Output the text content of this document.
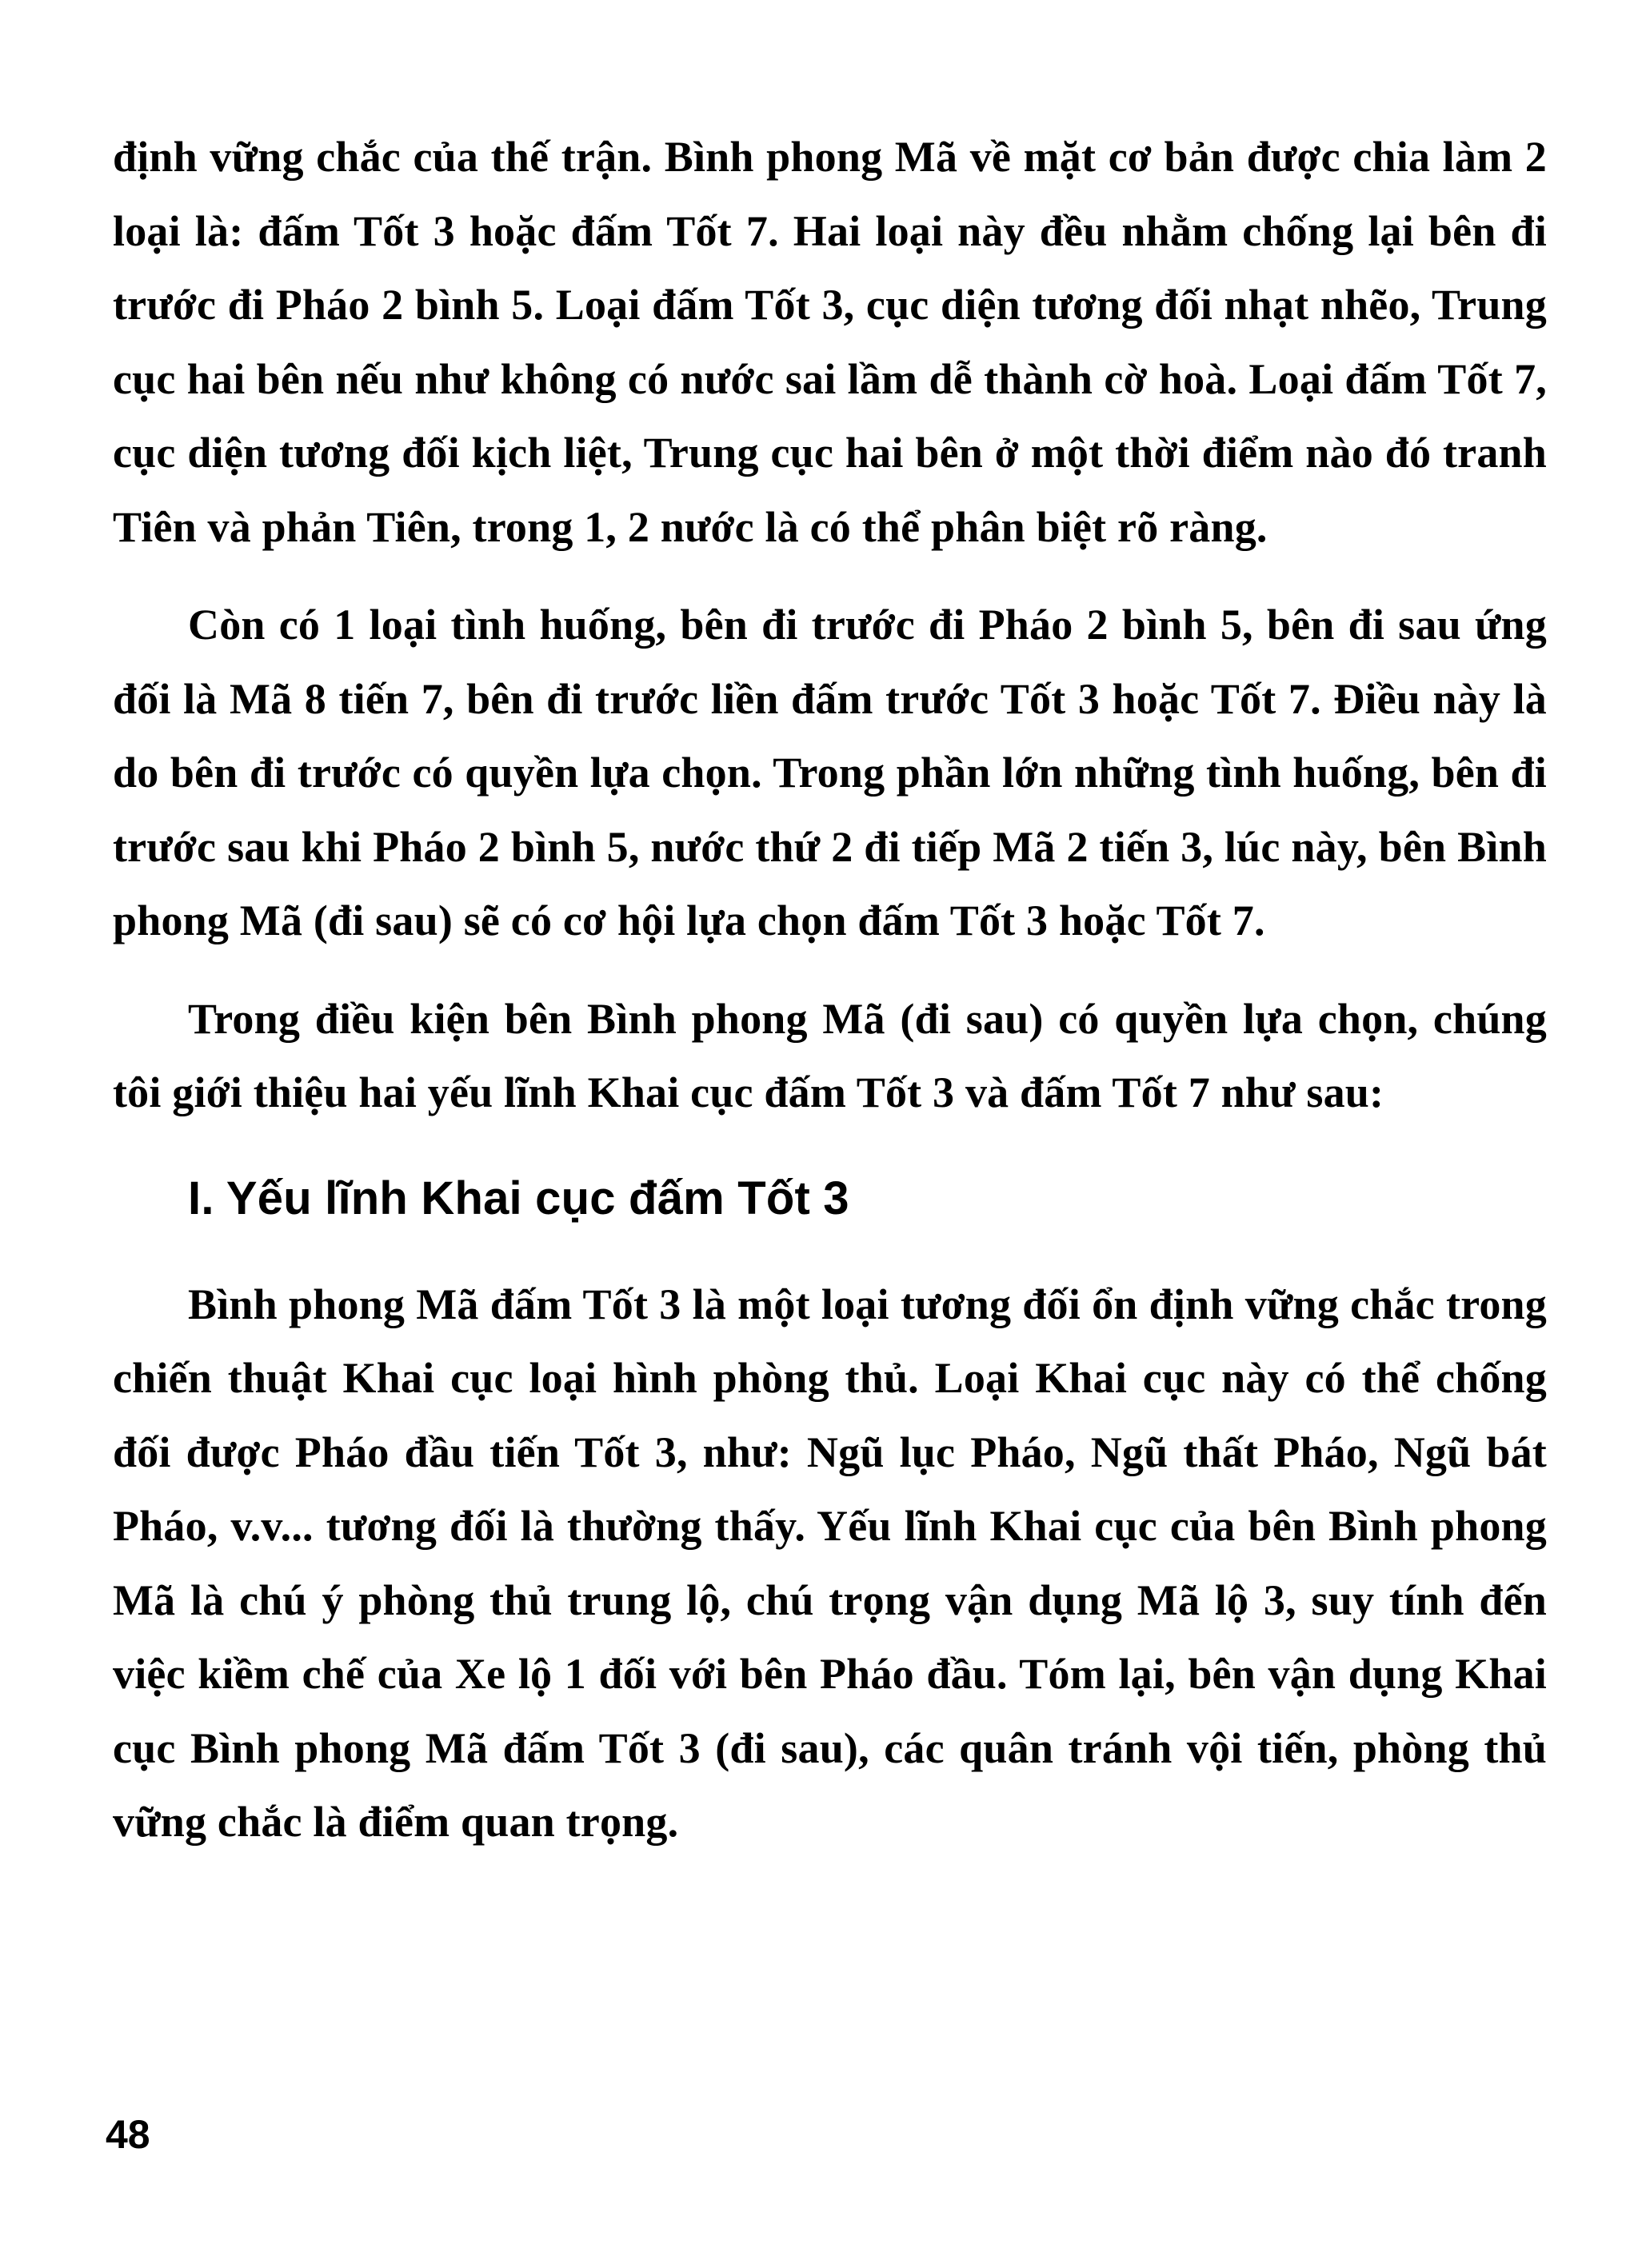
định vững chắc của thế trận. Bình phong Mã về mặt cơ bản được chia làm 2 loại là: đấm Tốt 3 hoặc đấm Tốt 7. Hai loại này đều nhằm chống lại bên đi trước đi Pháo 2 bình 5. Loại đấm Tốt 3, cục diện tương đối nhạt nhẽo, Trung cục hai bên nếu như không có nước sai lầm dễ thành cờ hoà. Loại đấm Tốt 7, cục diện tương đối kịch liệt, Trung cục hai bên ở một thời điểm nào đó tranh Tiên và phản Tiên, trong 1, 2 nước là có thể phân biệt rõ ràng.

Còn có 1 loại tình huống, bên đi trước đi Pháo 2 bình 5, bên đi sau ứng đối là Mã 8 tiến 7, bên đi trước liền đấm trước Tốt 3 hoặc Tốt 7. Điều này là do bên đi trước có quyền lựa chọn. Trong phần lớn những tình huống, bên đi trước sau khi Pháo 2 bình 5, nước thứ 2 đi tiếp Mã 2 tiến 3, lúc này, bên Bình phong Mã (đi sau) sẽ có cơ hội lựa chọn đấm Tốt 3 hoặc Tốt 7.

Trong điều kiện bên Bình phong Mã (đi sau) có quyền lựa chọn, chúng tôi giới thiệu hai yếu lĩnh Khai cục đấm Tốt 3 và đấm Tốt 7 như sau:

I. Yếu lĩnh Khai cục đấm Tốt 3

Bình phong Mã đấm Tốt 3 là một loại tương đối ổn định vững chắc trong chiến thuật Khai cục loại hình phòng thủ. Loại Khai cục này có thể chống đối được Pháo đầu tiến Tốt 3, như: Ngũ lục Pháo, Ngũ thất Pháo, Ngũ bát Pháo, v.v... tương đối là thường thấy. Yếu lĩnh Khai cục của bên Bình phong Mã là chú ý phòng thủ trung lộ, chú trọng vận dụng Mã lộ 3, suy tính đến việc kiềm chế của Xe lộ 1 đối với bên Pháo đầu. Tóm lại, bên vận dụng Khai cục Bình phong Mã đấm Tốt 3 (đi sau), các quân tránh vội tiến, phòng thủ vững chắc là điểm quan trọng.

48
